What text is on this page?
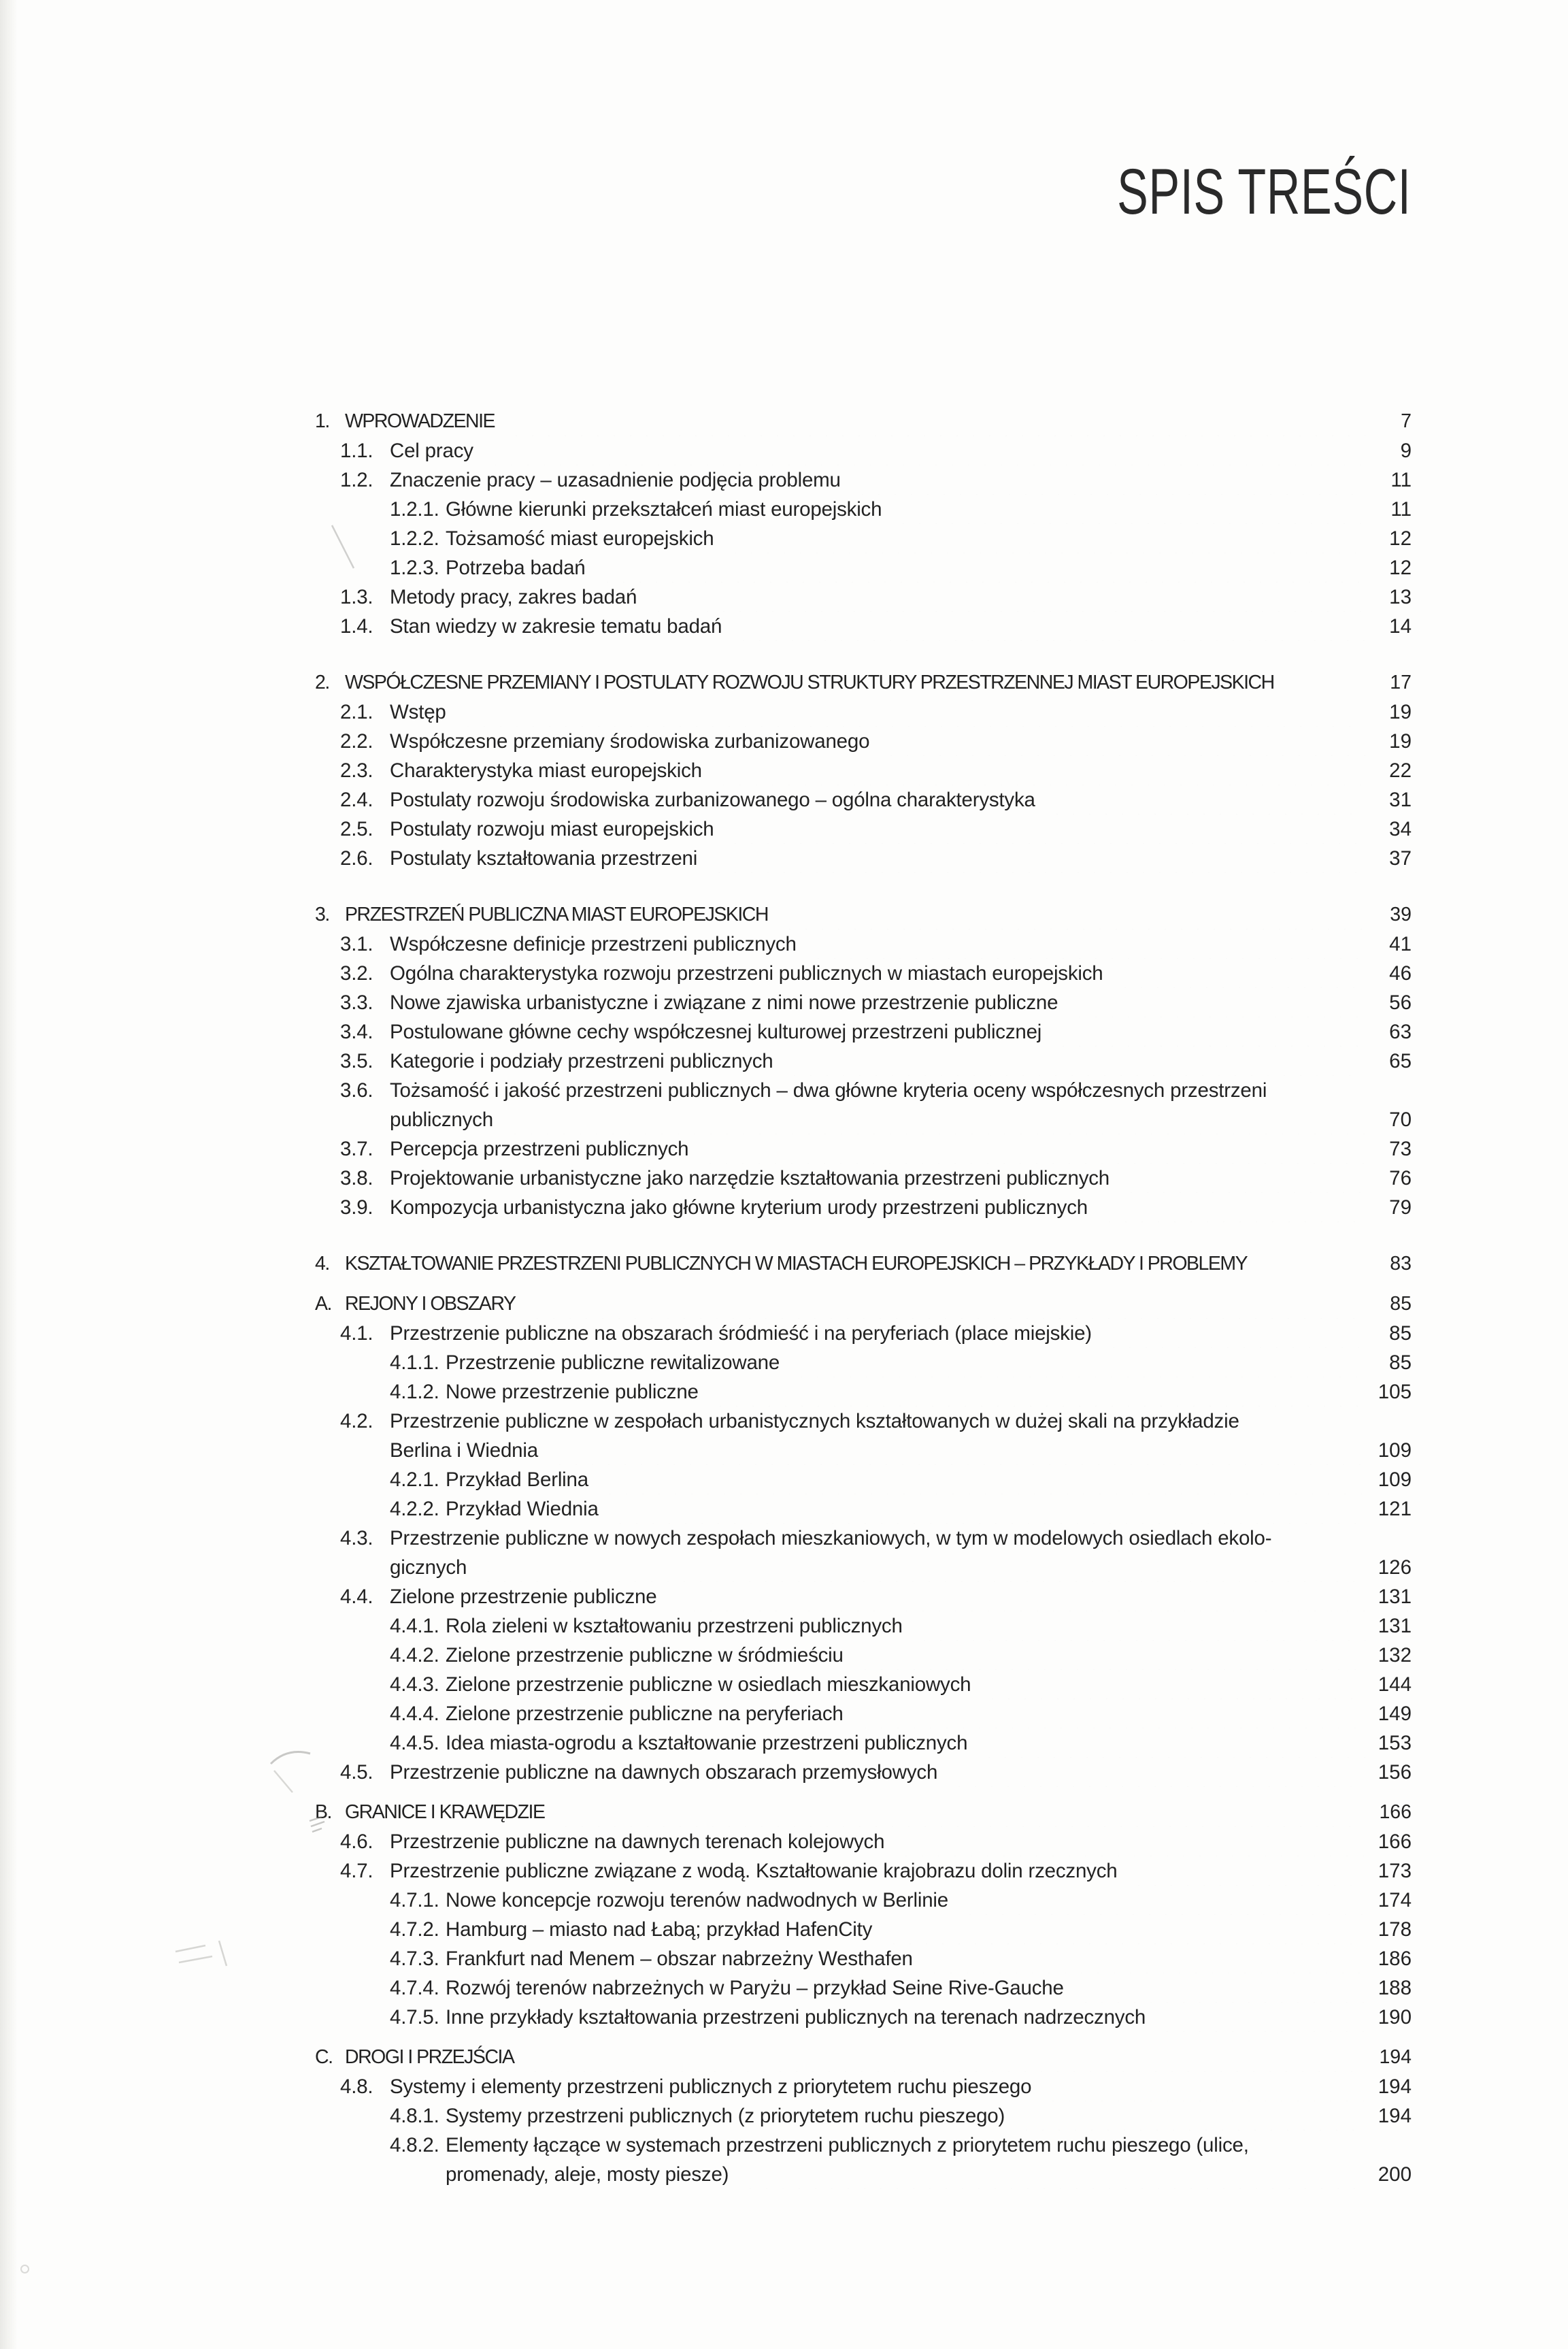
SPIS TREŚCI
1. WPROWADZENIE	7
1.1. Cel pracy	9
1.2. Znaczenie pracy – uzasadnienie podjęcia problemu	11
1.2.1. Główne kierunki przekształceń miast europejskich	11
1.2.2. Tożsamość miast europejskich	12
1.2.3. Potrzeba badań	12
1.3. Metody pracy, zakres badań	13
1.4. Stan wiedzy w zakresie tematu badań	14
2. WSPÓŁCZESNE PRZEMIANY I POSTULATY ROZWOJU STRUKTURY PRZESTRZENNEJ MIAST EUROPEJSKICH	17
2.1. Wstęp	19
2.2. Współczesne przemiany środowiska zurbanizowanego	19
2.3. Charakterystyka miast europejskich	22
2.4. Postulaty rozwoju środowiska zurbanizowanego – ogólna charakterystyka	31
2.5. Postulaty rozwoju miast europejskich	34
2.6. Postulaty kształtowania przestrzeni	37
3. PRZESTRZEŃ PUBLICZNA MIAST EUROPEJSKICH	39
3.1. Współczesne definicje przestrzeni publicznych	41
3.2. Ogólna charakterystyka rozwoju przestrzeni publicznych w miastach europejskich	46
3.3. Nowe zjawiska urbanistyczne i związane z nimi nowe przestrzenie publiczne	56
3.4. Postulowane główne cechy współczesnej kulturowej przestrzeni publicznej	63
3.5. Kategorie i podziały przestrzeni publicznych	65
3.6. Tożsamość i jakość przestrzeni publicznych – dwa główne kryteria oceny współczesnych przestrzeni
publicznych	70
3.7. Percepcja przestrzeni publicznych	73
3.8. Projektowanie urbanistyczne jako narzędzie kształtowania przestrzeni publicznych	76
3.9. Kompozycja urbanistyczna jako główne kryterium urody przestrzeni publicznych	79
4. KSZTAŁTOWANIE PRZESTRZENI PUBLICZNYCH W MIASTACH EUROPEJSKICH – PRZYKŁADY I PROBLEMY	83
A. REJONY I OBSZARY	85
4.1. Przestrzenie publiczne na obszarach śródmieść i na peryferiach (place miejskie)	85
4.1.1. Przestrzenie publiczne rewitalizowane	85
4.1.2. Nowe przestrzenie publiczne	105
4.2. Przestrzenie publiczne w zespołach urbanistycznych kształtowanych w dużej skali na przykładzie
Berlina i Wiednia	109
4.2.1. Przykład Berlina	109
4.2.2. Przykład Wiednia	121
4.3. Przestrzenie publiczne w nowych zespołach mieszkaniowych, w tym w modelowych osiedlach ekolo-
gicznych	126
4.4. Zielone przestrzenie publiczne	131
4.4.1. Rola zieleni w kształtowaniu przestrzeni publicznych	131
4.4.2. Zielone przestrzenie publiczne w śródmieściu	132
4.4.3. Zielone przestrzenie publiczne w osiedlach mieszkaniowych	144
4.4.4. Zielone przestrzenie publiczne na peryferiach	149
4.4.5. Idea miasta-ogrodu a kształtowanie przestrzeni publicznych	153
4.5. Przestrzenie publiczne na dawnych obszarach przemysłowych	156
B. GRANICE I KRAWĘDZIE	166
4.6. Przestrzenie publiczne na dawnych terenach kolejowych	166
4.7. Przestrzenie publiczne związane z wodą. Kształtowanie krajobrazu dolin rzecznych	173
4.7.1. Nowe koncepcje rozwoju terenów nadwodnych w Berlinie	174
4.7.2. Hamburg – miasto nad Łabą; przykład HafenCity	178
4.7.3. Frankfurt nad Menem – obszar nabrzeżny Westhafen	186
4.7.4. Rozwój terenów nabrzeżnych w Paryżu – przykład Seine Rive-Gauche	188
4.7.5. Inne przykłady kształtowania przestrzeni publicznych na terenach nadrzecznych	190
C. DROGI I PRZEJŚCIA	194
4.8. Systemy i elementy przestrzeni publicznych z priorytetem ruchu pieszego	194
4.8.1. Systemy przestrzeni publicznych (z priorytetem ruchu pieszego)	194
4.8.2. Elementy łączące w systemach przestrzeni publicznych z priorytetem ruchu pieszego (ulice,
promenady, aleje, mosty piesze)	200
